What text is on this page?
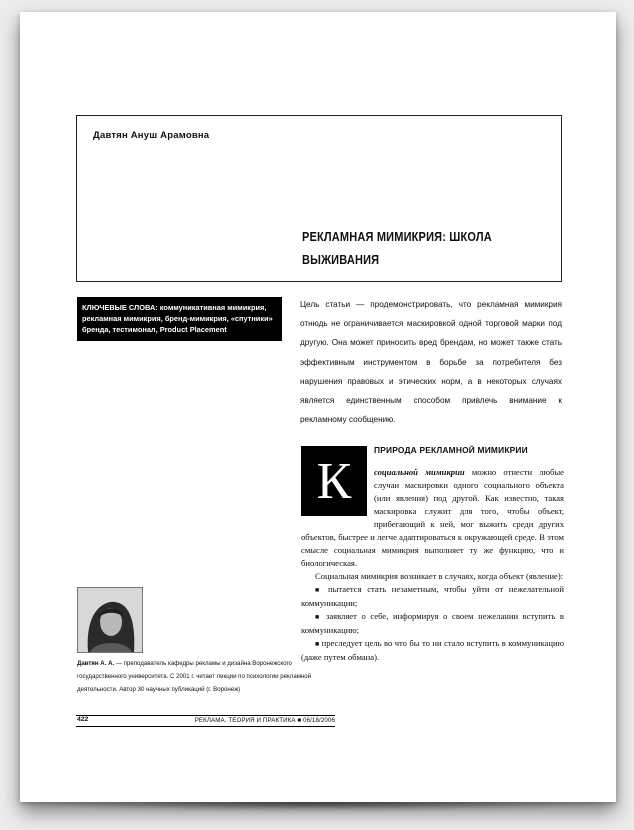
Давтян Ануш Арамовна
РЕКЛАМНАЯ МИМИКРИЯ: ШКОЛА
ВЫЖИВАНИЯ
КЛЮЧЕВЫЕ СЛОВА: коммуникативная мимикрия, рекламная мимикрия, бренд-мимикрия, «спутники» бренда, тестимонал, Product Placement
Цель статьи — продемонстрировать, что рекламная мимикрия отнюдь не ограничивается маскировкой одной торговой марки под другую. Она может приносить вред брендам, но может также стать эффективным инструментом в борьбе за потребителя без нарушения правовых и этических норм, а в некоторых случаях является единственным способом привлечь внимание к рекламному сообщению.
ПРИРОДА РЕКЛАМНОЙ МИМИКРИИ
К	социальной мимикрии можно отнести любые случаи маскировки одного социального объекта (или явления) под другой. Как известно, такая маскировка служит для того, чтобы объект, прибегающий к ней, мог выжить среди других объектов, быстрее и легче адаптироваться к окружающей среде. В этом смысле социальная мимикрия выполняет ту же функцию, что и биологическая.

Социальная мимикрия возникает в случаях, когда объект (явление):

■ пытается стать незаметным, чтобы уйти от нежелательной коммуникации;

■ заявляет о себе, информируя о своем нежелании вступить в коммуникацию;

■ преследует цель во что бы то ни стало вступить в коммуникацию (даже путем обмана).

Давтян А. А. — преподаватель кафедры рекламы и дизайна Воронежского государственного университета. С 2001 г. читает лекции по психологии рекламной деятельности. Автор 30 научных публикаций (г. Воронеж)
422	РЕКЛАМА. ТЕОРИЯ И ПРАКТИКА ■ 06/18/2006
